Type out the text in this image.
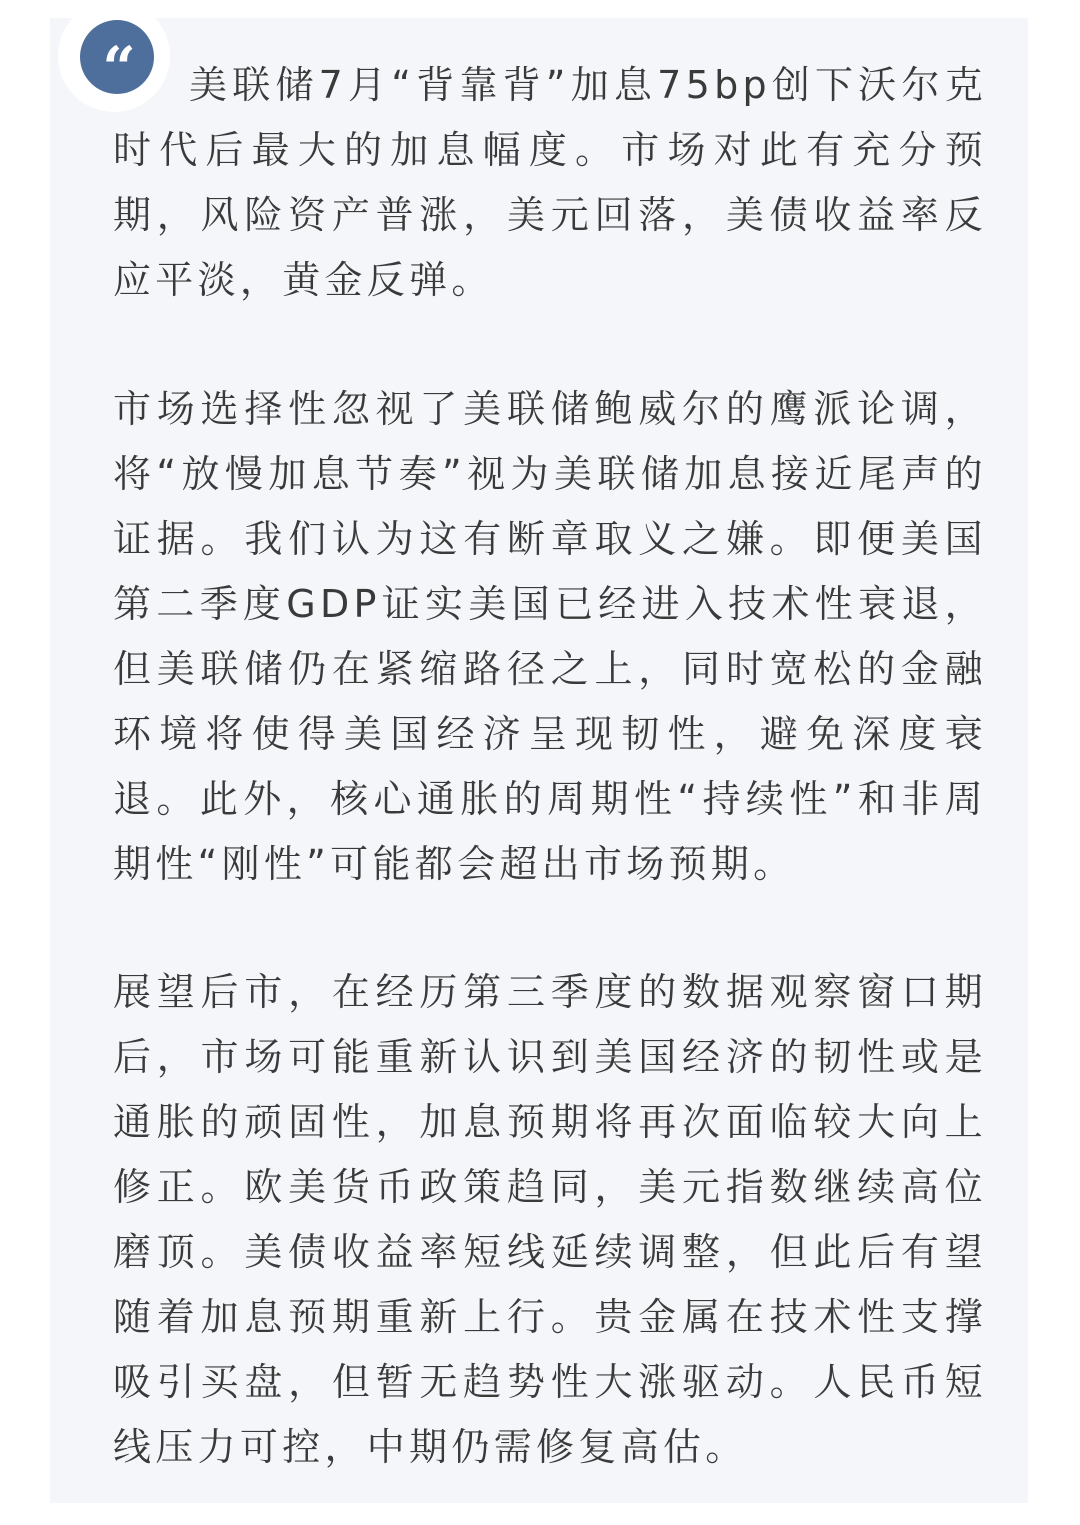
“	美联储7月“背靠背”加息75bp创下沃尔克时代后最大的加息幅度。市场对此有充分预期，风险资产普涨，美元回落，美债收益率反应平淡，黄金反弹。

市场选择性忽视了美联储鲍威尔的鹰派论调，将“放慢加息节奏”视为美联储加息接近尾声的证据。我们认为这有断章取义之嫌。即便美国第二季度GDP证实美国已经进入技术性衰退，但美联储仍在紧缩路径之上，同时宽松的金融环境将使得美国经济呈现韧性，避免深度衰退。此外，核心通胀的周期性“持续性”和非周期性“刚性”可能都会超出市场预期。

展望后市，在经历第三季度的数据观察窗口期后，市场可能重新认识到美国经济的韧性或是通胀的顽固性，加息预期将再次面临较大向上修正。欧美货币政策趋同，美元指数继续高位磨顶。美债收益率短线延续调整，但此后有望随着加息预期重新上行。贵金属在技术性支撑吸引买盘，但暂无趋势性大涨驱动。人民币短线压力可控，中期仍需修复高估。
